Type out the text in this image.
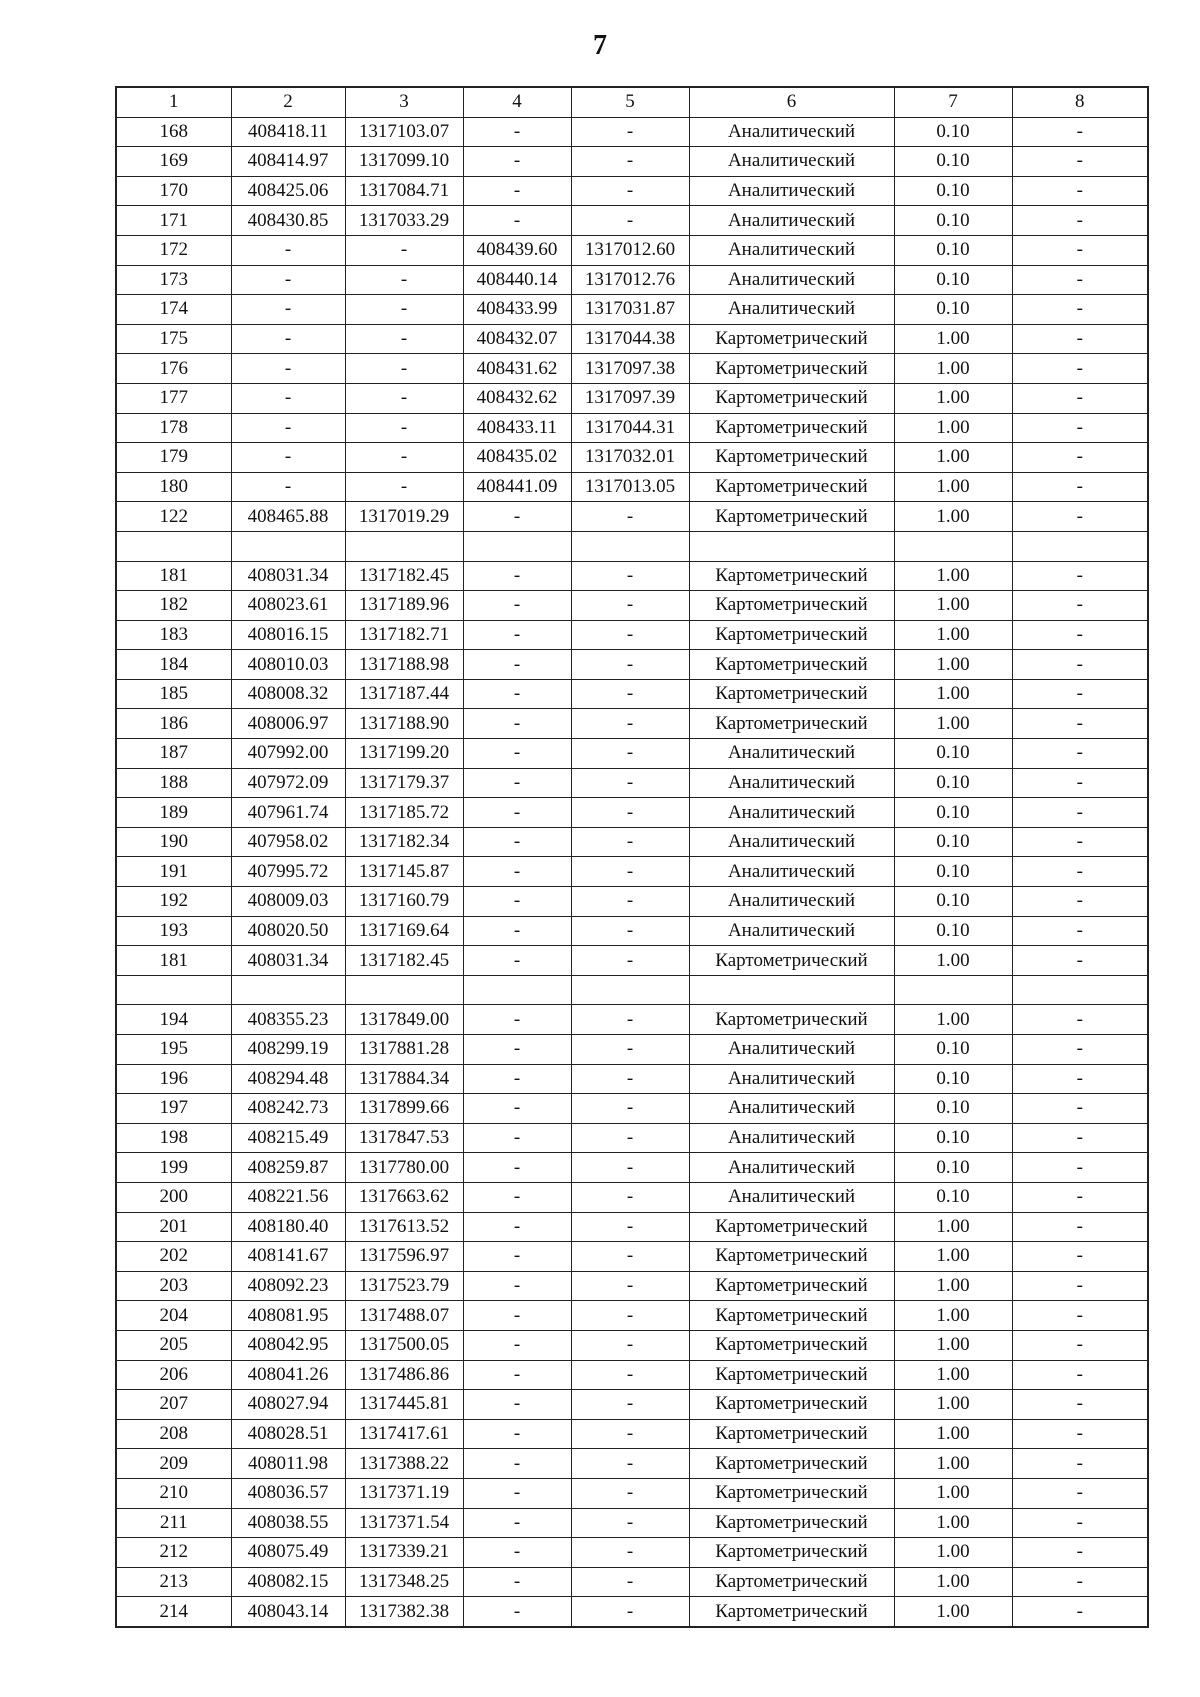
7
1	2	3	4	5	6	7	8
168	408418.11	1317103.07	-	-	Аналитический	0.10	-
169	408414.97	1317099.10	-	-	Аналитический	0.10	-
170	408425.06	1317084.71	-	-	Аналитический	0.10	-
171	408430.85	1317033.29	-	-	Аналитический	0.10	-
172	-	-	408439.60	1317012.60	Аналитический	0.10	-
173	-	-	408440.14	1317012.76	Аналитический	0.10	-
174	-	-	408433.99	1317031.87	Аналитический	0.10	-
175	-	-	408432.07	1317044.38	Картометрический	1.00	-
176	-	-	408431.62	1317097.38	Картометрический	1.00	-
177	-	-	408432.62	1317097.39	Картометрический	1.00	-
178	-	-	408433.11	1317044.31	Картометрический	1.00	-
179	-	-	408435.02	1317032.01	Картометрический	1.00	-
180	-	-	408441.09	1317013.05	Картометрический	1.00	-
122	408465.88	1317019.29	-	-	Картометрический	1.00	-

181	408031.34	1317182.45	-	-	Картометрический	1.00	-
182	408023.61	1317189.96	-	-	Картометрический	1.00	-
183	408016.15	1317182.71	-	-	Картометрический	1.00	-
184	408010.03	1317188.98	-	-	Картометрический	1.00	-
185	408008.32	1317187.44	-	-	Картометрический	1.00	-
186	408006.97	1317188.90	-	-	Картометрический	1.00	-
187	407992.00	1317199.20	-	-	Аналитический	0.10	-
188	407972.09	1317179.37	-	-	Аналитический	0.10	-
189	407961.74	1317185.72	-	-	Аналитический	0.10	-
190	407958.02	1317182.34	-	-	Аналитический	0.10	-
191	407995.72	1317145.87	-	-	Аналитический	0.10	-
192	408009.03	1317160.79	-	-	Аналитический	0.10	-
193	408020.50	1317169.64	-	-	Аналитический	0.10	-
181	408031.34	1317182.45	-	-	Картометрический	1.00	-

194	408355.23	1317849.00	-	-	Картометрический	1.00	-
195	408299.19	1317881.28	-	-	Аналитический	0.10	-
196	408294.48	1317884.34	-	-	Аналитический	0.10	-
197	408242.73	1317899.66	-	-	Аналитический	0.10	-
198	408215.49	1317847.53	-	-	Аналитический	0.10	-
199	408259.87	1317780.00	-	-	Аналитический	0.10	-
200	408221.56	1317663.62	-	-	Аналитический	0.10	-
201	408180.40	1317613.52	-	-	Картометрический	1.00	-
202	408141.67	1317596.97	-	-	Картометрический	1.00	-
203	408092.23	1317523.79	-	-	Картометрический	1.00	-
204	408081.95	1317488.07	-	-	Картометрический	1.00	-
205	408042.95	1317500.05	-	-	Картометрический	1.00	-
206	408041.26	1317486.86	-	-	Картометрический	1.00	-
207	408027.94	1317445.81	-	-	Картометрический	1.00	-
208	408028.51	1317417.61	-	-	Картометрический	1.00	-
209	408011.98	1317388.22	-	-	Картометрический	1.00	-
210	408036.57	1317371.19	-	-	Картометрический	1.00	-
211	408038.55	1317371.54	-	-	Картометрический	1.00	-
212	408075.49	1317339.21	-	-	Картометрический	1.00	-
213	408082.15	1317348.25	-	-	Картометрический	1.00	-
214	408043.14	1317382.38	-	-	Картометрический	1.00	-
